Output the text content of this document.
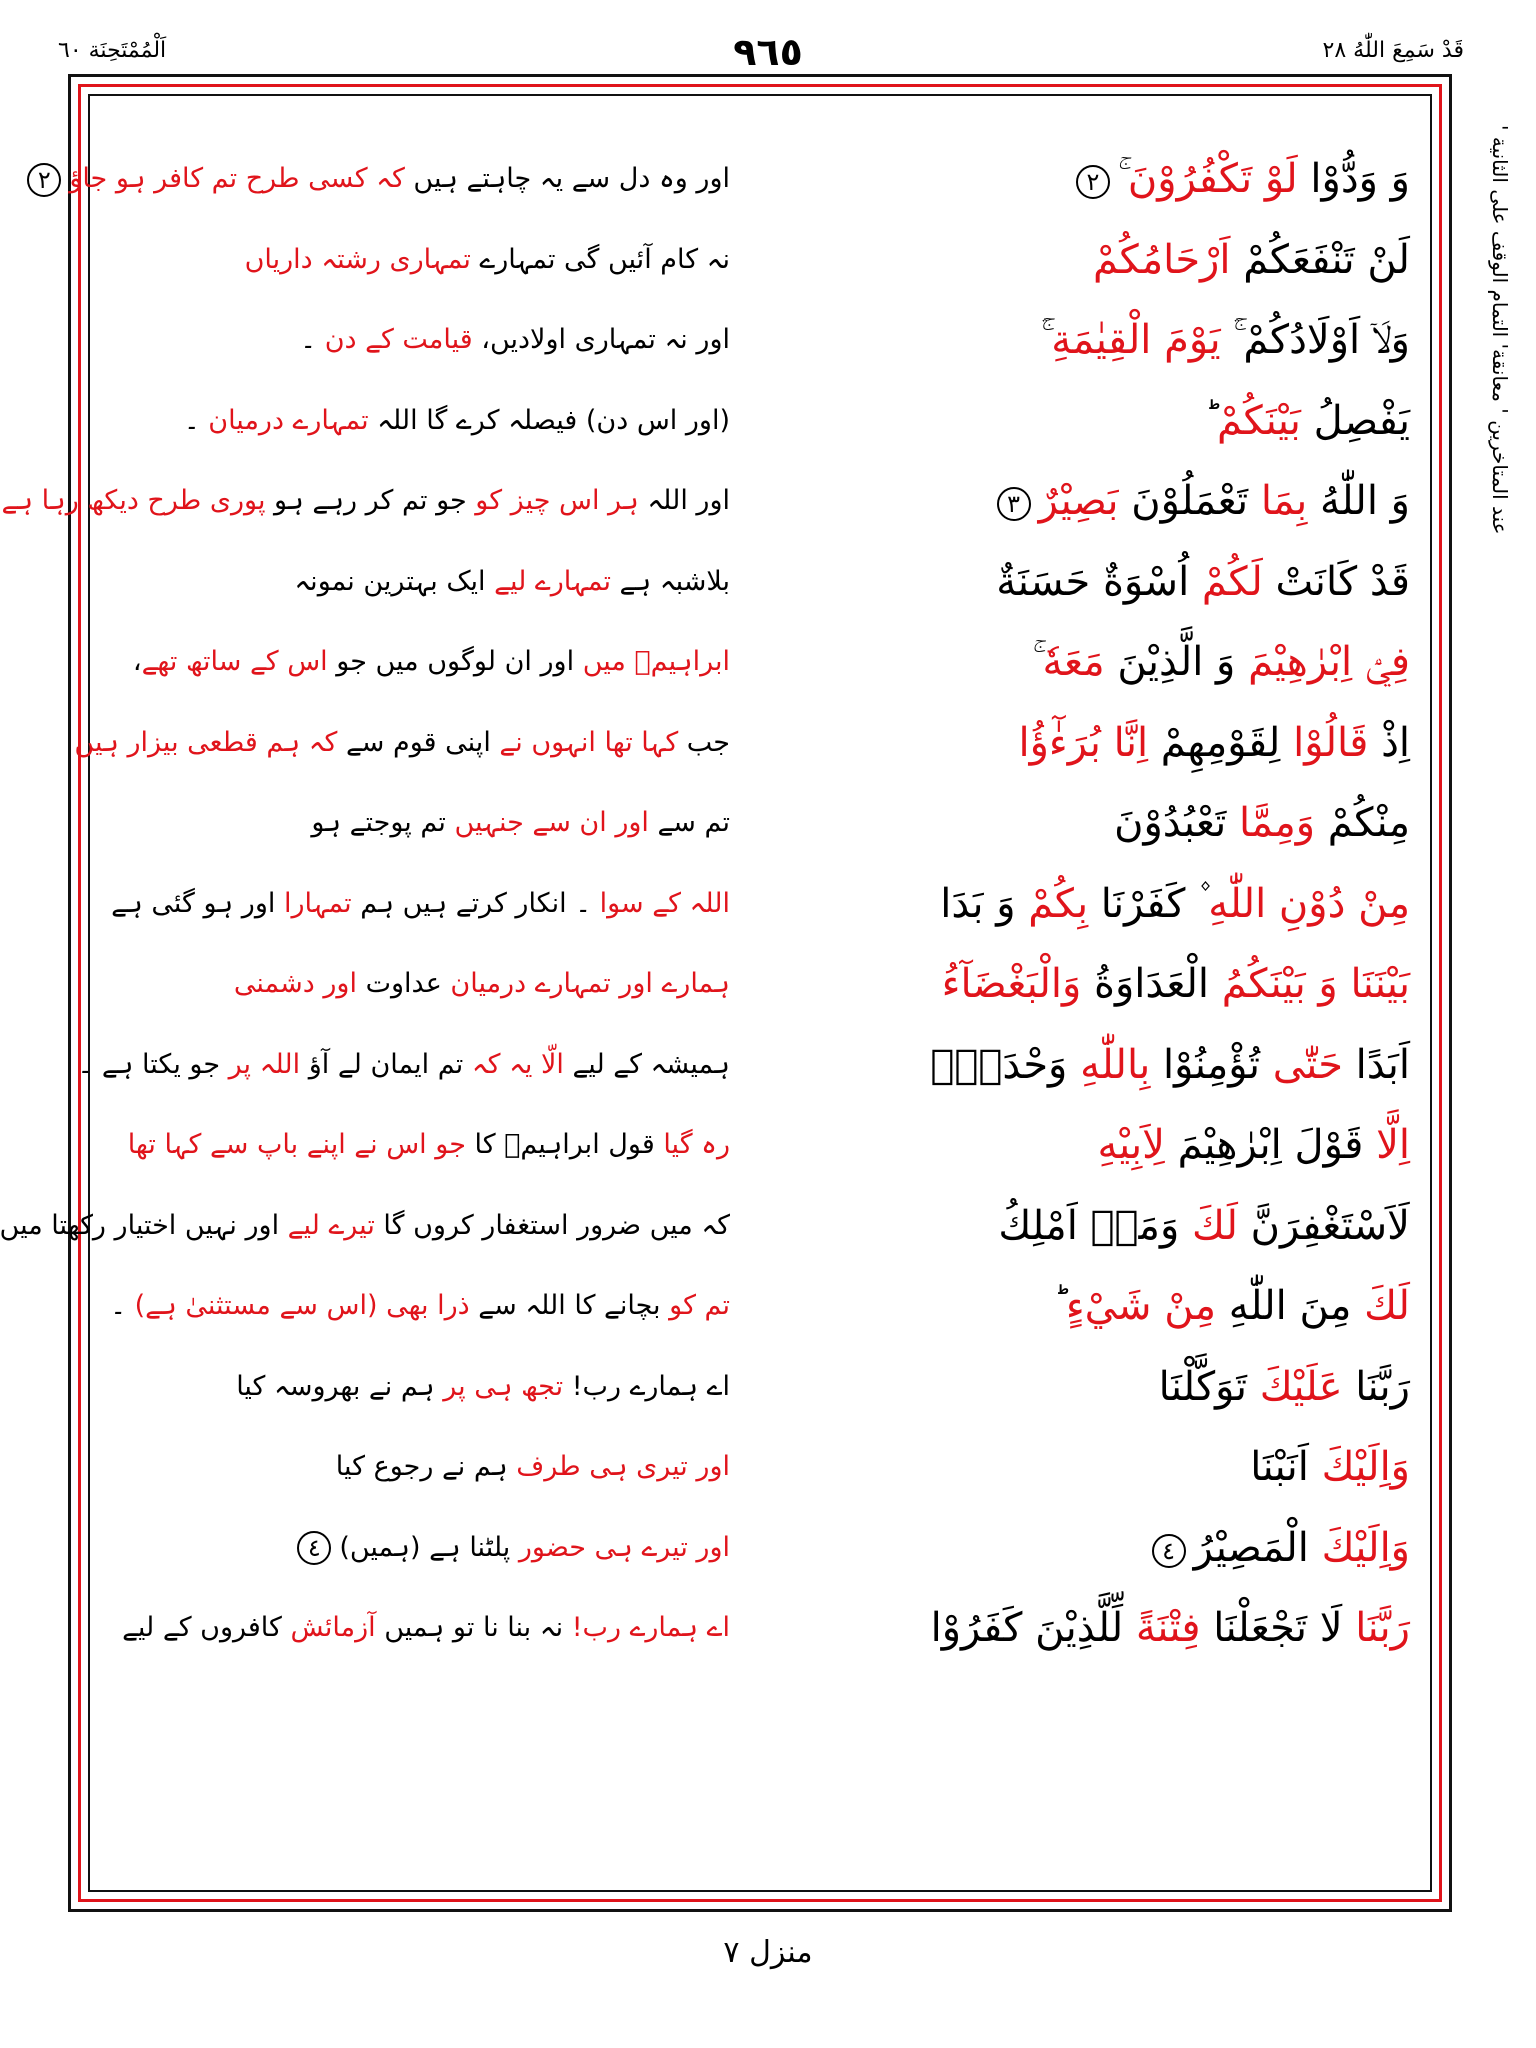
قَدْ سَمِعَ اللّٰهُ ٢٨
٩٦٥
اَلْمُمْتَحِنَة ٦٠
عند المتاخرين ' معانقة' التمام الوقف على الثانية '
وَ وَدُّوْا لَوْ تَكْفُرُوْنَ ۚ٢
اور وہ دل سے یہ چاہتے ہیں کہ کسی طرح تم کافر ہو جاؤ٢
لَنْ تَنْفَعَكُمْ اَرْحَامُكُمْ
نہ کام آئیں گی تمہارے تمہاری رشتہ داریاں
وَلَاۤ اَوْلَادُكُمْ ۚۛ يَوْمَ الْقِيٰمَةِ ۚۛ
اور نہ تمہاری اولادیں، قیامت کے دن ۔
يَفْصِلُ بَيْنَكُمْ ؕ
(اور اس دن) فیصلہ کرے گا اللہ تمہارے درمیان ۔
وَ اللّٰهُ بِمَا تَعْمَلُوْنَ بَصِيْرٌ٣
اور اللہ ہر اس چیز کو جو تم کر رہے ہو پوری طرح دیکھ رہا ہے
قَدْ كَانَتْ لَكُمْ اُسْوَةٌ حَسَنَةٌ
بلاشبہ ہے تمہارے لیے ایک بہترین نمونہ
فِيْۤ اِبْرٰهِيْمَ وَ الَّذِيْنَ مَعَهٗ ۚ
ابراہیمؑ میں اور ان لوگوں میں جو اس کے ساتھ تھے،
اِذْ قَالُوْا لِقَوْمِهِمْ اِنَّا بُرَءٰٓؤُا
جب کہا تھا انہوں نے اپنی قوم سے کہ ہم قطعی بیزار ہیں
مِنْكُمْ وَمِمَّا تَعْبُدُوْنَ
تم سے اور ان سے جنہیں تم پوجتے ہو
مِنْ دُوْنِ اللّٰهِ ۫ كَفَرْنَا بِكُمْ وَ بَدَا
اللہ کے سوا ۔ انکار کرتے ہیں ہم تمہارا اور ہو گئی ہے
بَيْنَنَا وَ بَيْنَكُمُ الْعَدَاوَةُ وَالْبَغْضَآءُ
ہمارے اور تمہارے درمیان عداوت اور دشمنی
اَبَدًا حَتّٰى تُؤْمِنُوْا بِاللّٰهِ وَحْدَهٗۤ
ہمیشہ کے لیے الّا یہ کہ تم ایمان لے آؤ اللہ پر جو یکتا ہے ۔
اِلَّا قَوْلَ اِبْرٰهِيْمَ لِاَبِيْهِ
رہ گیا قول ابراہیمؑ کا جو اس نے اپنے باپ سے کہا تھا
لَاَسْتَغْفِرَنَّ لَكَ وَمَاۤ اَمْلِكُ
کہ میں ضرور استغفار کروں گا تیرے لیے اور نہیں اختیار رکھتا میں
لَكَ مِنَ اللّٰهِ مِنْ شَيْءٍ ؕ
تم کو بچانے کا اللہ سے ذرا بھی (اس سے مستثنیٰ ہے) ۔
رَبَّنَا عَلَيْكَ تَوَكَّلْنَا
اے ہمارے رب! تجھ ہی پر ہم نے بھروسہ کیا
وَاِلَيْكَ اَنَبْنَا
اور تیری ہی طرف ہم نے رجوع کیا
وَاِلَيْكَ الْمَصِيْرُ٤
اور تیرے ہی حضور پلٹنا ہے (ہمیں)٤
رَبَّنَا لَا تَجْعَلْنَا فِتْنَةً لِّلَّذِيْنَ كَفَرُوْا
اے ہمارے رب! نہ بنا نا تو ہمیں آزمائش کافروں کے لیے
منزل ٧
